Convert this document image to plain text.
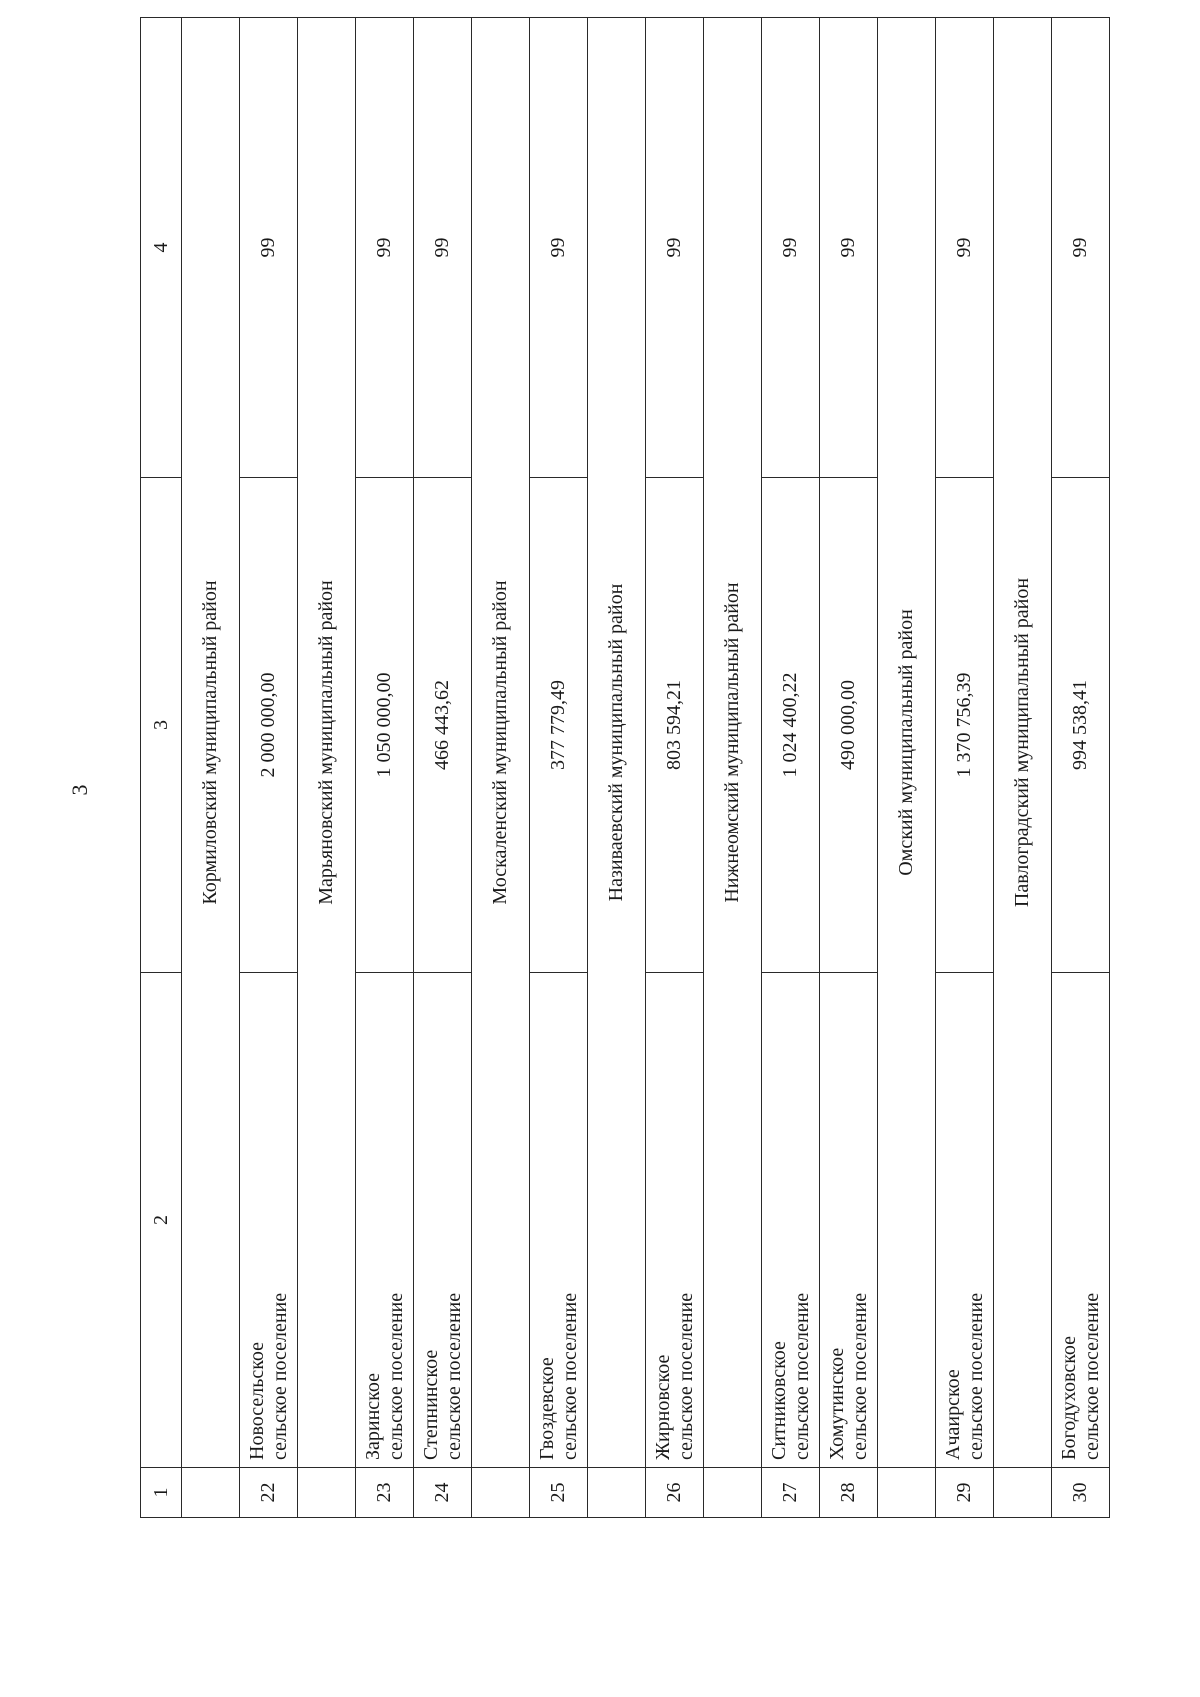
3
1	2	3	4
	Кормиловский муниципальный район		
22	Новосельское
сельское поселение	2 000 000,00	99
	Марьяновский муниципальный район		
23	Заринское
сельское поселение	1 050 000,00	99
24	Степнинское
сельское поселение	466 443,62	99
	Москаленский муниципальный район		
25	Гвоздевское
сельское поселение	377 779,49	99
	Називаевский муниципальный район		
26	Жирновское
сельское поселение	803 594,21	99
	Нижнеомский муниципальный район		
27	Ситниковское
сельское поселение	1 024 400,22	99
28	Хомутинское
сельское поселение	490 000,00	99
	Омский муниципальный район		
29	Ачаирское
сельское поселение	1 370 756,39	99
	Павлоградский муниципальный район		
30	Богодуховское
сельское поселение	994 538,41	99
